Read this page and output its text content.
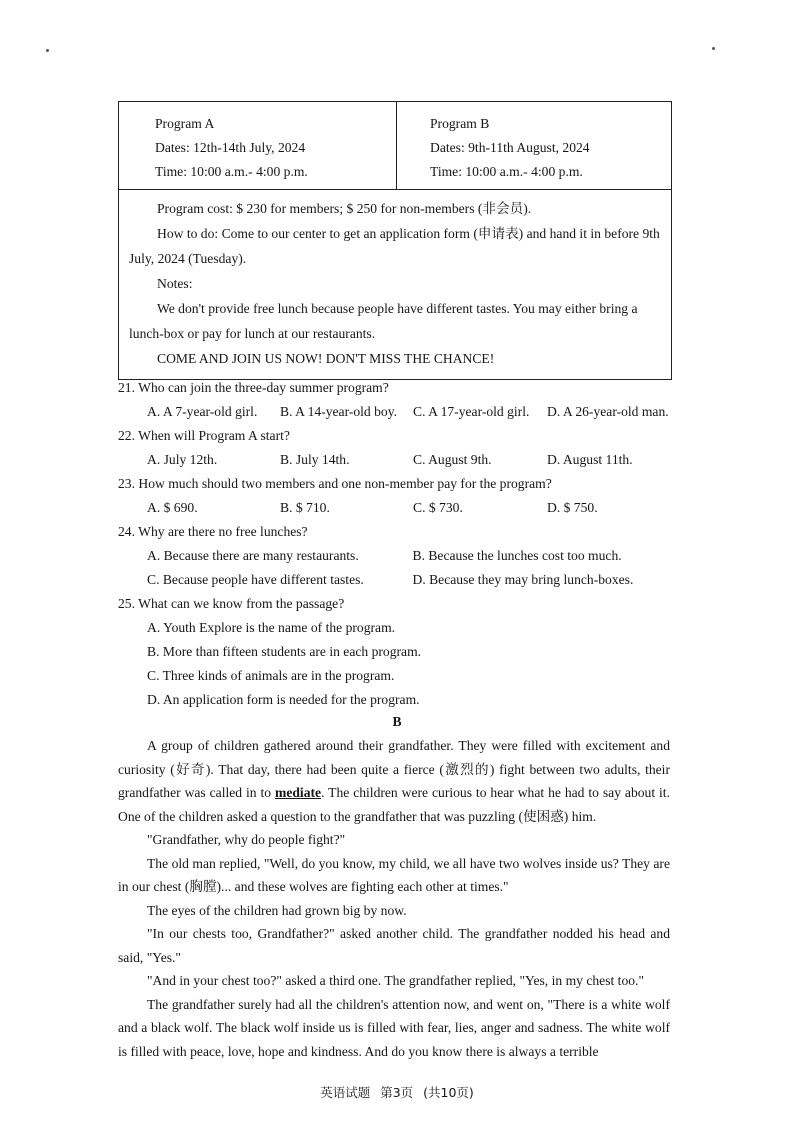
Program A
Dates: 12th-14th July, 2024
Time: 10:00 a.m.- 4:00 p.m.
Program B
Dates: 9th-11th August, 2024
Time: 10:00 a.m.- 4:00 p.m.

Program cost: $ 230 for members; $ 250 for non-members (非会员).

How to do: Come to our center to get an application form (申请表) and hand it in before 9th July, 2024 (Tuesday).

Notes:

We don't provide free lunch because people have different tastes. You may either bring a lunch-box or pay for lunch at our restaurants.

COME AND JOIN US NOW! DON'T MISS THE CHANCE!

21. Who can join the three-day summer program?
A. A 7-year-old girl.	B. A 14-year-old boy.	C. A 17-year-old girl.	D. A 26-year-old man.
22. When will Program A start?
A. July 12th.	B. July 14th.	C. August 9th.	D. August 11th.
23. How much should two members and one non-member pay for the program?
A. $ 690.	B. $ 710.	C. $ 730.	D. $ 750.
24. Why are there no free lunches?
A. Because there are many restaurants.	B. Because the lunches cost too much.
C. Because people have different tastes.	D. Because they may bring lunch-boxes.
25. What can we know from the passage?
A. Youth Explore is the name of the program.
B. More than fifteen students are in each program.
C. Three kinds of animals are in the program.
D. An application form is needed for the program.
B

A group of children gathered around their grandfather. They were filled with excitement and curiosity (好奇). That day, there had been quite a fierce (激烈的) fight between two adults, their grandfather was called in to mediate. The children were curious to hear what he had to say about it. One of the children asked a question to the grandfather that was puzzling (使困惑) him.

"Grandfather, why do people fight?"

The old man replied, "Well, do you know, my child, we all have two wolves inside us? They are in our chest (胸膛)... and these wolves are fighting each other at times."

The eyes of the children had grown big by now.

"In our chests too, Grandfather?" asked another child. The grandfather nodded his head and said, "Yes."

"And in your chest too?" asked a third one. The grandfather replied, "Yes, in my chest too."

The grandfather surely had all the children's attention now, and went on, "There is a white wolf and a black wolf. The black wolf inside us is filled with fear, lies, anger and sadness. The white wolf is filled with peace, love, hope and kindness. And do you know there is always a terrible

英语试题 第3页 (共10页)
